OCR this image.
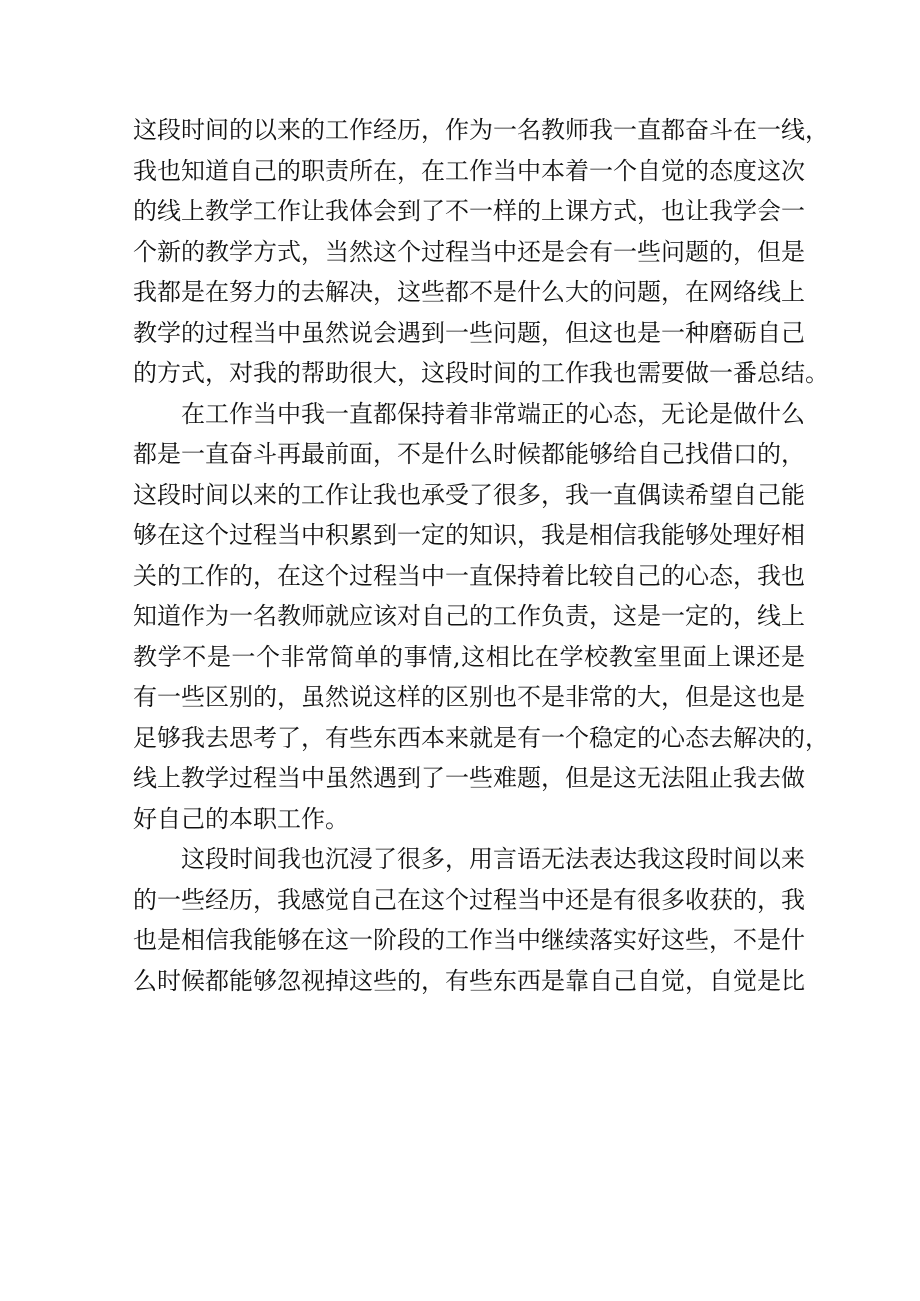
这段时间的以来的工作经历，作为一名教师我一直都奋斗在一线，
我也知道自己的职责所在，在工作当中本着一个自觉的态度这次
的线上教学工作让我体会到了不一样的上课方式，也让我学会一
个新的教学方式，当然这个过程当中还是会有一些问题的，但是
我都是在努力的去解决，这些都不是什么大的问题，在网络线上
教学的过程当中虽然说会遇到一些问题，但这也是一种磨砺自己
的方式，对我的帮助很大，这段时间的工作我也需要做一番总结。
在工作当中我一直都保持着非常端正的心态，无论是做什么
都是一直奋斗再最前面，不是什么时候都能够给自己找借口的，
这段时间以来的工作让我也承受了很多，我一直偶读希望自己能
够在这个过程当中积累到一定的知识，我是相信我能够处理好相
关的工作的，在这个过程当中一直保持着比较自己的心态，我也
知道作为一名教师就应该对自己的工作负责，这是一定的，线上
教学不是一个非常简单的事情,这相比在学校教室里面上课还是
有一些区别的，虽然说这样的区别也不是非常的大，但是这也是
足够我去思考了，有些东西本来就是有一个稳定的心态去解决的，
线上教学过程当中虽然遇到了一些难题，但是这无法阻止我去做
好自己的本职工作。
这段时间我也沉浸了很多，用言语无法表达我这段时间以来
的一些经历，我感觉自己在这个过程当中还是有很多收获的，我
也是相信我能够在这一阶段的工作当中继续落实好这些，不是什
么时候都能够忽视掉这些的，有些东西是靠自己自觉，自觉是比
